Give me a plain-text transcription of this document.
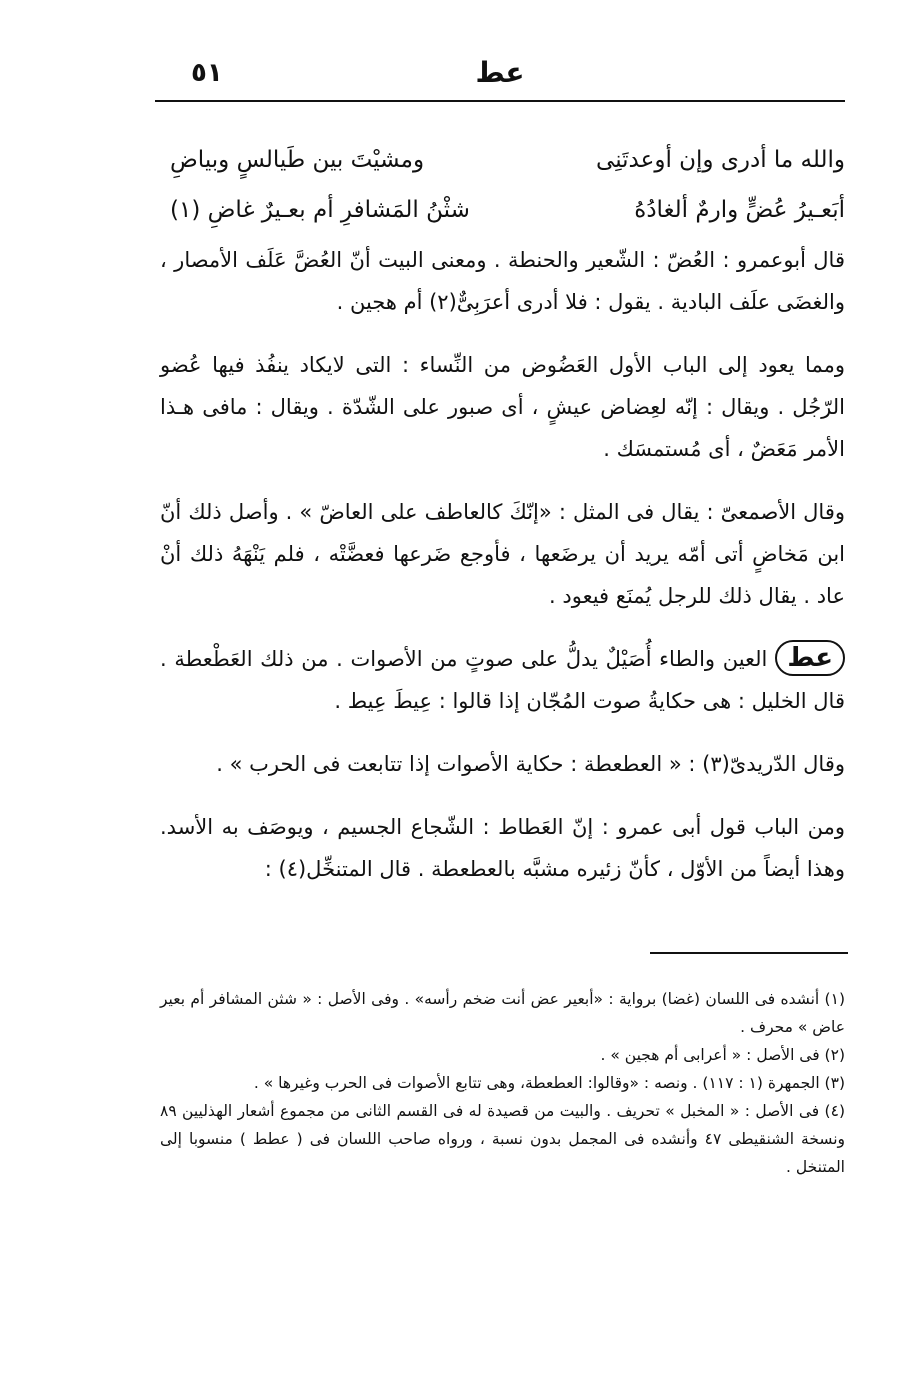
٥١	عط
والله ما أدرى وإن أوعدتَنِى
ومشيْتَ بين طَيالسٍ وبياضِ
أبَعـيرُ عُضٍّ وارمٌ ألغادُهُ
شثْنُ المَشافرِ أم بعـيرٌ غاضِ (١)

قال أبوعمرو : العُضّ : الشّعير والحنطة . ومعنى البيت أنّ العُضَّ عَلَف الأمصار ، والغضَى علَف البادية . يقول : فلا أدرى أعرَبِىٌّ(٢) أم هجين .

ومما يعود إلى الباب الأول العَضُوض من النِّساء : التى لايكاد ينفُذ فيها عُضو الرّجُل . ويقال : إنّه لعِضاض عيشٍ ، أى صبور على الشّدّة . ويقال : مافى هـذا الأمر مَعَضٌ ، أى مُستمسَك .

وقال الأصمعىّ : يقال فى المثل : «إنّكَ كالعاطف على العاضّ » . وأصل ذلك أنّ ابن مَخاضٍ أتى أمّه يريد أن يرضَعها ، فأوجع ضَرعها فعضَّتْه ، فلم يَنْهَهُ ذلك أنْ عاد . يقال ذلك للرجل يُمنَع فيعود .

عطالعين والطاء أُصَيْلٌ يدلُّ على صوتٍ من الأصوات . من ذلك العَطْعطة . قال الخليل : هى حكايةُ صوت المُجّان إذا قالوا : عِيطَ عِيط .

وقال الدّريدىّ(٣) : « العطعطة : حكاية الأصوات إذا تتابعت فى الحرب » .

ومن الباب قول أبى عمرو : إنّ العَطاط : الشّجاع الجسيم ، ويوصَف به الأسد. وهذا أيضاً من الأوّل ، كأنّ زئيره مشبَّه بالعطعطة . قال المتنخِّل(٤) :

(١) أنشده فى اللسان (غضا) برواية : «أبعير عض أنت ضخم رأسه» . وفى الأصل : « شثن المشافر أم بعير عاض » محرف .

(٢) فى الأصل : « أعرابى أم هجين » .

(٣) الجمهرة (١ : ١١٧) . ونصه : «وقالوا: العطعطة، وهى تتابع الأصوات فى الحرب وغيرها » .

(٤) فى الأصل : « المخبل » تحريف . والبيت من قصيدة له فى القسم الثانى من مجموع أشعار الهذليين ٨٩ ونسخة الشنقيطى ٤٧ وأنشده فى المجمل بدون نسبة ، ورواه صاحب اللسان فى ( عطط ) منسوبا إلى المتنخل .
